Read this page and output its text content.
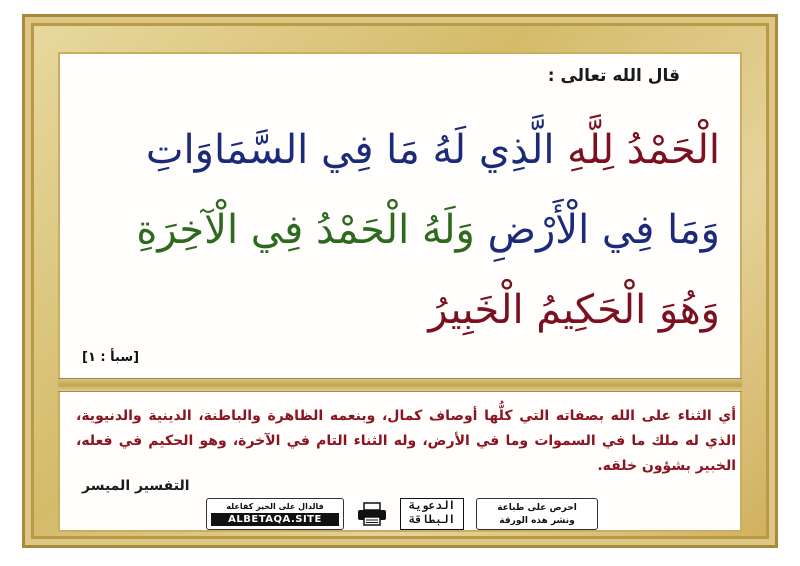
قال الله تعالى :
الْحَمْدُ لِلَّهِ الَّذِي لَهُ مَا فِي السَّمَاوَاتِ
وَمَا فِي الْأَرْضِ وَلَهُ الْحَمْدُ فِي الْآخِرَةِ
وَهُوَ الْحَكِيمُ الْخَبِيرُ
[سبأ : ١]
أي الثناء على الله بصفاته التي كلُّها أوصاف كمال، وبنعمه الظاهرة والباطنة، الدينية والدنيوية، الذي له ملك ما في السموات وما في الأرض، وله الثناء التام في الآخرة، وهو الحكيم في فعله، الخبير بشؤون خلقه.
التفسير الميسر
فالدال على الخير كفاعله
ALBETAQA.SITE
الدعوية
البطاقة
احرص على طباعة
ونشر هذه الورقة
